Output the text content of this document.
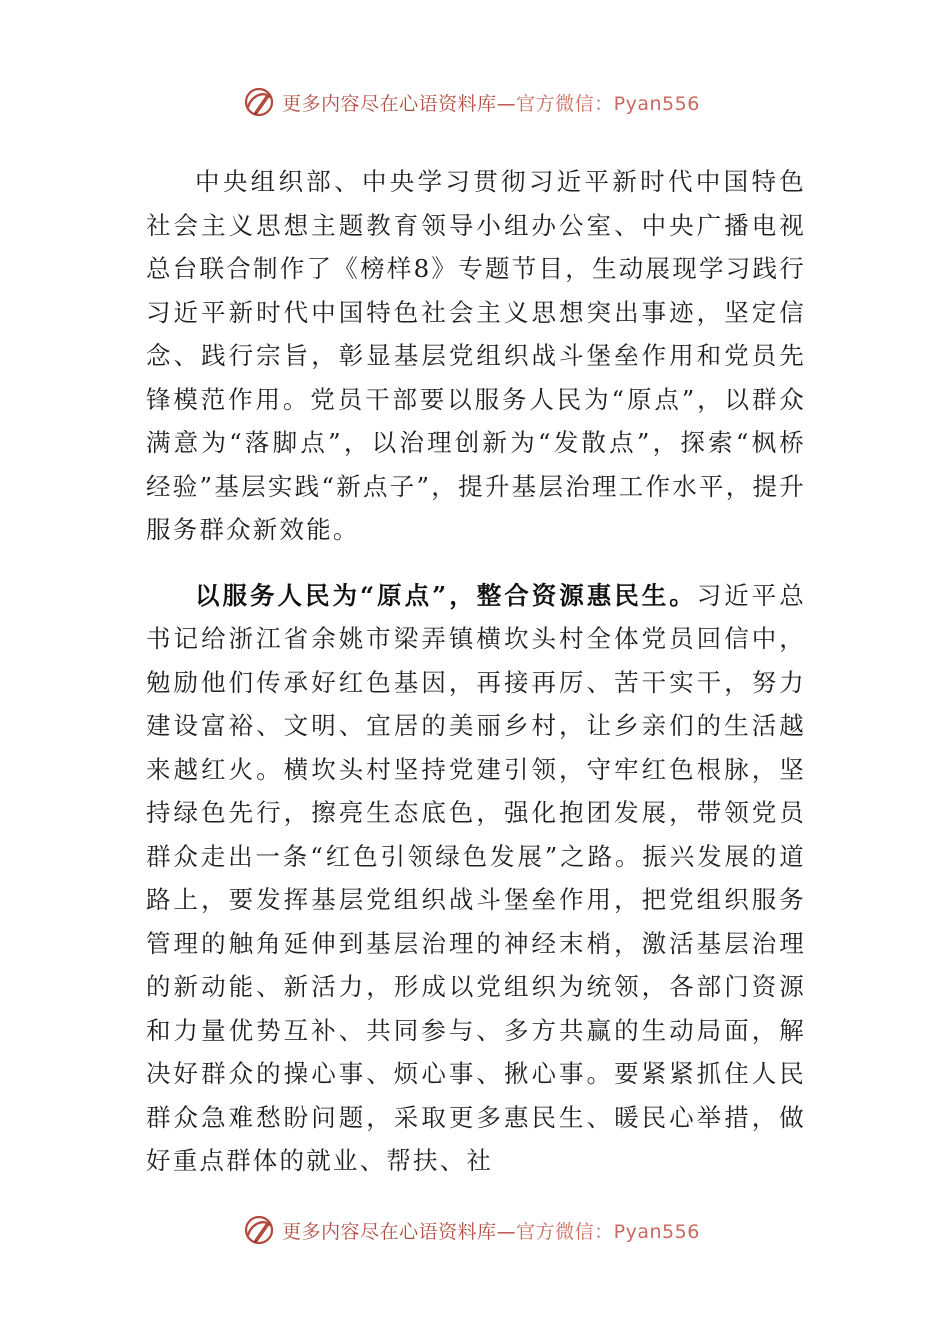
更多内容尽在心语资料库—官方微信：Pyan556

中央组织部、中央学习贯彻习近平新时代中国特色社会主义思想主题教育领导小组办公室、中央广播电视总台联合制作了《榜样8》专题节目，生动展现学习践行习近平新时代中国特色社会主义思想突出事迹，坚定信念、践行宗旨，彰显基层党组织战斗堡垒作用和党员先锋模范作用。党员干部要以服务人民为“原点”，以群众满意为“落脚点”，以治理创新为“发散点”，探索“枫桥经验”基层实践“新点子”，提升基层治理工作水平，提升服务群众新效能。

以服务人民为“原点”，整合资源惠民生。习近平总书记给浙江省余姚市梁弄镇横坎头村全体党员回信中，勉励他们传承好红色基因，再接再厉、苦干实干，努力建设富裕、文明、宜居的美丽乡村，让乡亲们的生活越来越红火。横坎头村坚持党建引领，守牢红色根脉，坚持绿色先行，擦亮生态底色，强化抱团发展，带领党员群众走出一条“红色引领绿色发展”之路。振兴发展的道路上，要发挥基层党组织战斗堡垒作用，把党组织服务管理的触角延伸到基层治理的神经末梢，激活基层治理的新动能、新活力，形成以党组织为统领，各部门资源和力量优势互补、共同参与、多方共赢的生动局面，解决好群众的操心事、烦心事、揪心事。要紧紧抓住人民群众急难愁盼问题，采取更多惠民生、暖民心举措，做好重点群体的就业、帮扶、社

更多内容尽在心语资料库—官方微信：Pyan556
